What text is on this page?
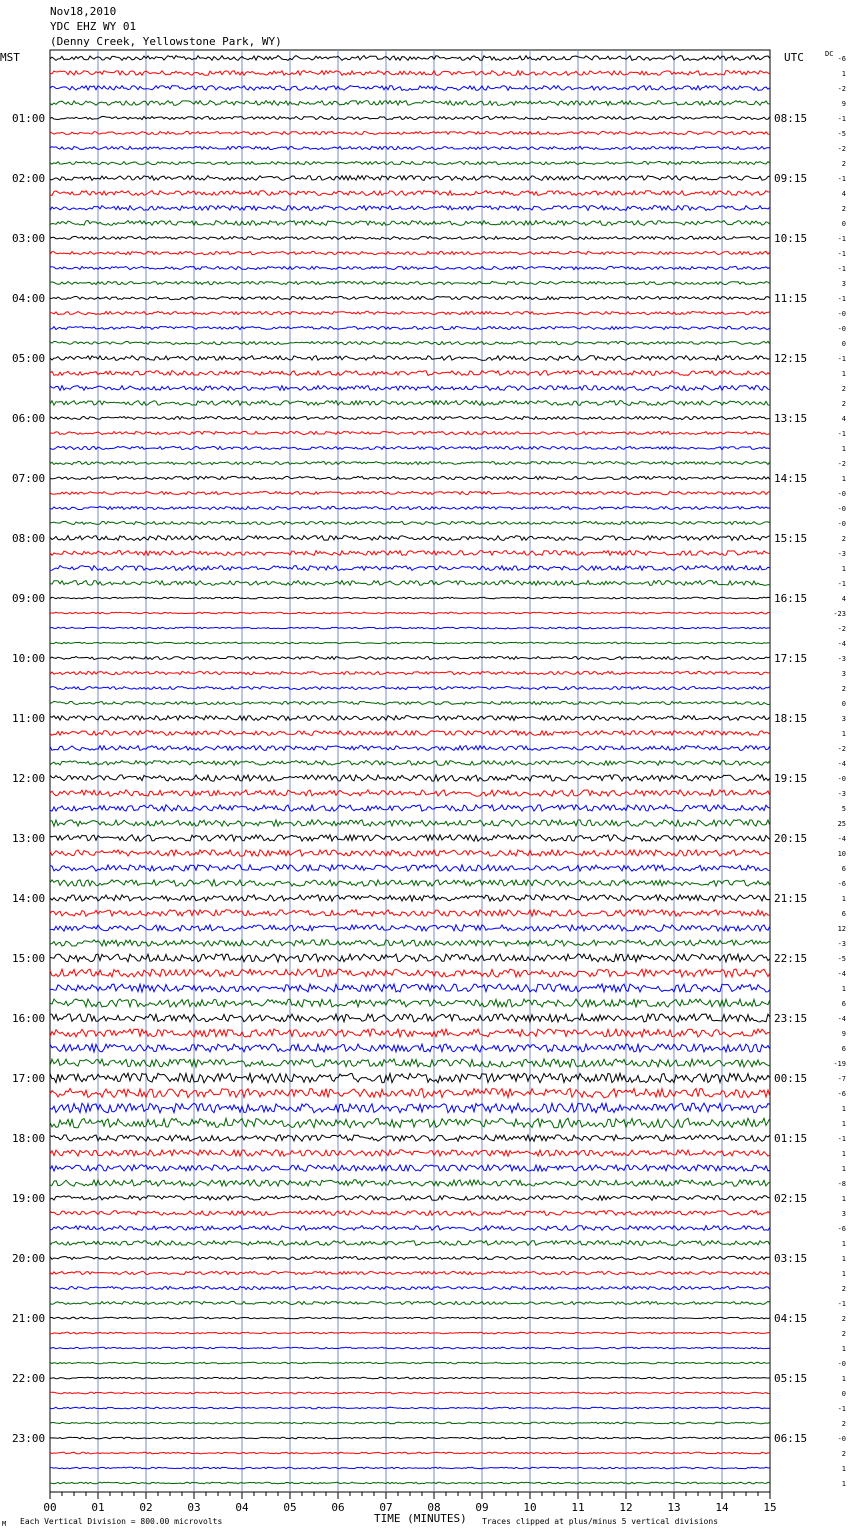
Nov18,2010
YDC EHZ WY 01
(Denny Creek, Yellowstone Park, WY)
MST	UTC	DC
01:00
02:00
03:00
04:00
05:00
06:00
07:00
08:00
09:00
10:00
11:00
12:00
13:00
14:00
15:00
16:00
17:00
18:00
19:00
20:00
21:00
22:00
23:00
08:15
09:15
10:15
11:15
12:15
13:15
14:15
15:15
16:15
17:15
18:15
19:15
20:15
21:15
22:15
23:15
00:15
01:15
02:15
03:15
04:15
05:15
06:15
-6
1
-2
9
-1
-5
-2
2
-1
4
2
0
-1
-1
-1
3
-1
-0
-0
0
-1
1
2
2
4
-1
1
-2
1
-0
-0
-0
2
-3
1
-1
4
-23
-2
-4
-3
3
2
0
3
1
-2
-4
-0
-3
5
25
-4
10
6
-6
1
6
12
-3
-5
-4
1
6
-4
9
6
-19
-7
-6
1
1
-1
1
1
-8
1
3
-6
1
1
1
2
-1
2
2
1
-0
1
0
-1
2
-0
2
1
1
00	01	02	03	04	05	06	07	08	09	10	11	12	13	14	15
TIME (MINUTES)
Each Vertical Division = 800.00 microvolts	Traces clipped at plus/minus 5 vertical divisions
M
